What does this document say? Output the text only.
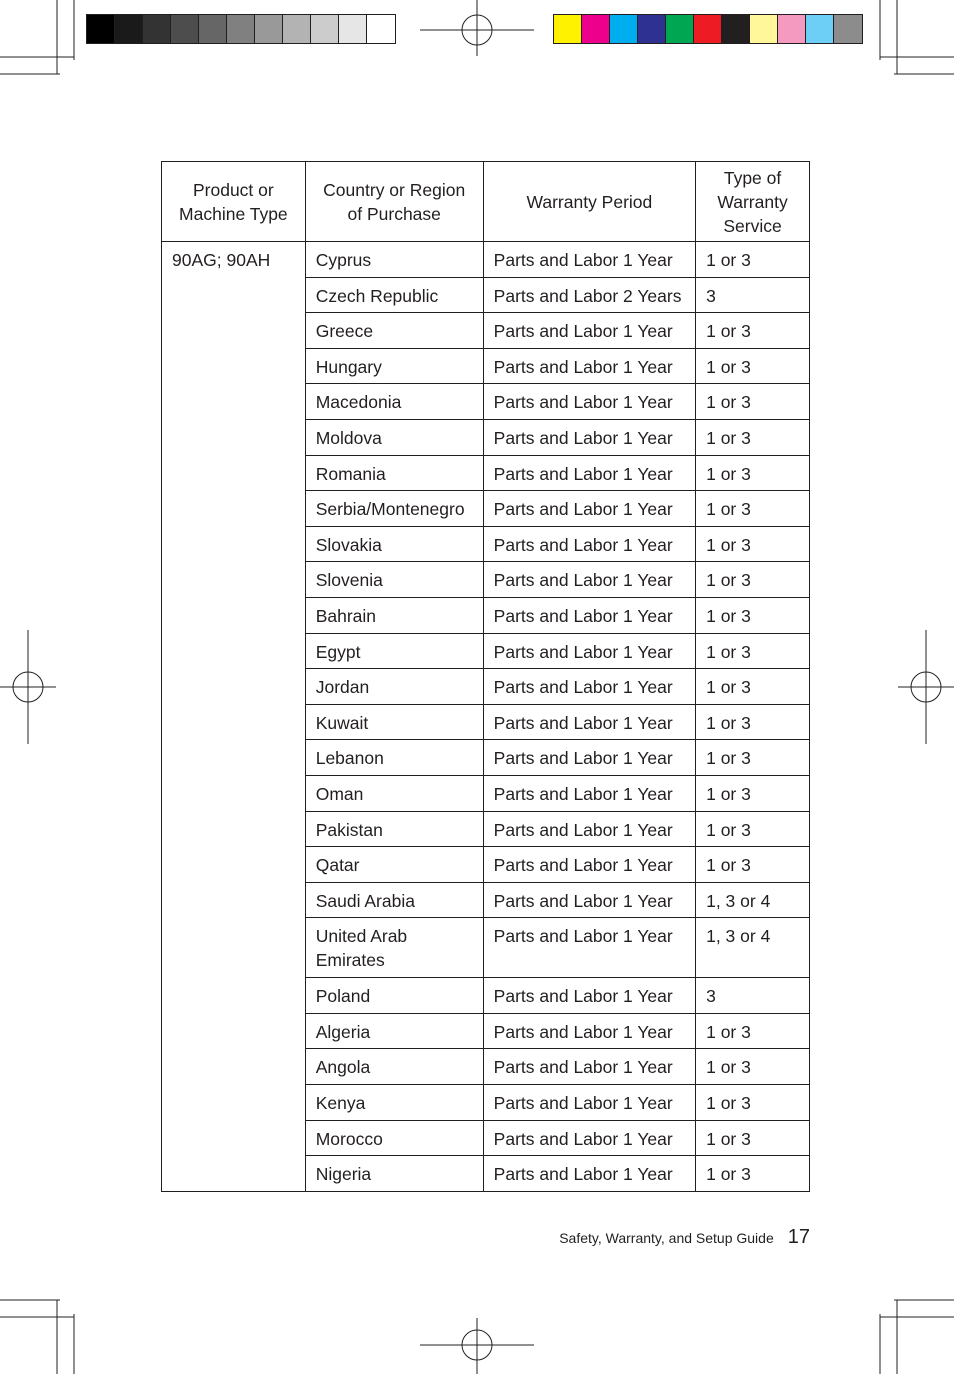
Product or Machine Type	Country or Region of Purchase	Warranty Period	Type of Warranty Service
90AG; 90AH	Cyprus	Parts and Labor 1 Year	1 or 3
	Czech Republic	Parts and Labor 2 Years	3
	Greece	Parts and Labor 1 Year	1 or 3
	Hungary	Parts and Labor 1 Year	1 or 3
	Macedonia	Parts and Labor 1 Year	1 or 3
	Moldova	Parts and Labor 1 Year	1 or 3
	Romania	Parts and Labor 1 Year	1 or 3
	Serbia/Montenegro	Parts and Labor 1 Year	1 or 3
	Slovakia	Parts and Labor 1 Year	1 or 3
	Slovenia	Parts and Labor 1 Year	1 or 3
	Bahrain	Parts and Labor 1 Year	1 or 3
	Egypt	Parts and Labor 1 Year	1 or 3
	Jordan	Parts and Labor 1 Year	1 or 3
	Kuwait	Parts and Labor 1 Year	1 or 3
	Lebanon	Parts and Labor 1 Year	1 or 3
	Oman	Parts and Labor 1 Year	1 or 3
	Pakistan	Parts and Labor 1 Year	1 or 3
	Qatar	Parts and Labor 1 Year	1 or 3
	Saudi Arabia	Parts and Labor 1 Year	1, 3 or 4
	United Arab Emirates	Parts and Labor 1 Year	1, 3 or 4
	Poland	Parts and Labor 1 Year	3
	Algeria	Parts and Labor 1 Year	1 or 3
	Angola	Parts and Labor 1 Year	1 or 3
	Kenya	Parts and Labor 1 Year	1 or 3
	Morocco	Parts and Labor 1 Year	1 or 3
	Nigeria	Parts and Labor 1 Year	1 or 3
Safety, Warranty, and Setup Guide 17
